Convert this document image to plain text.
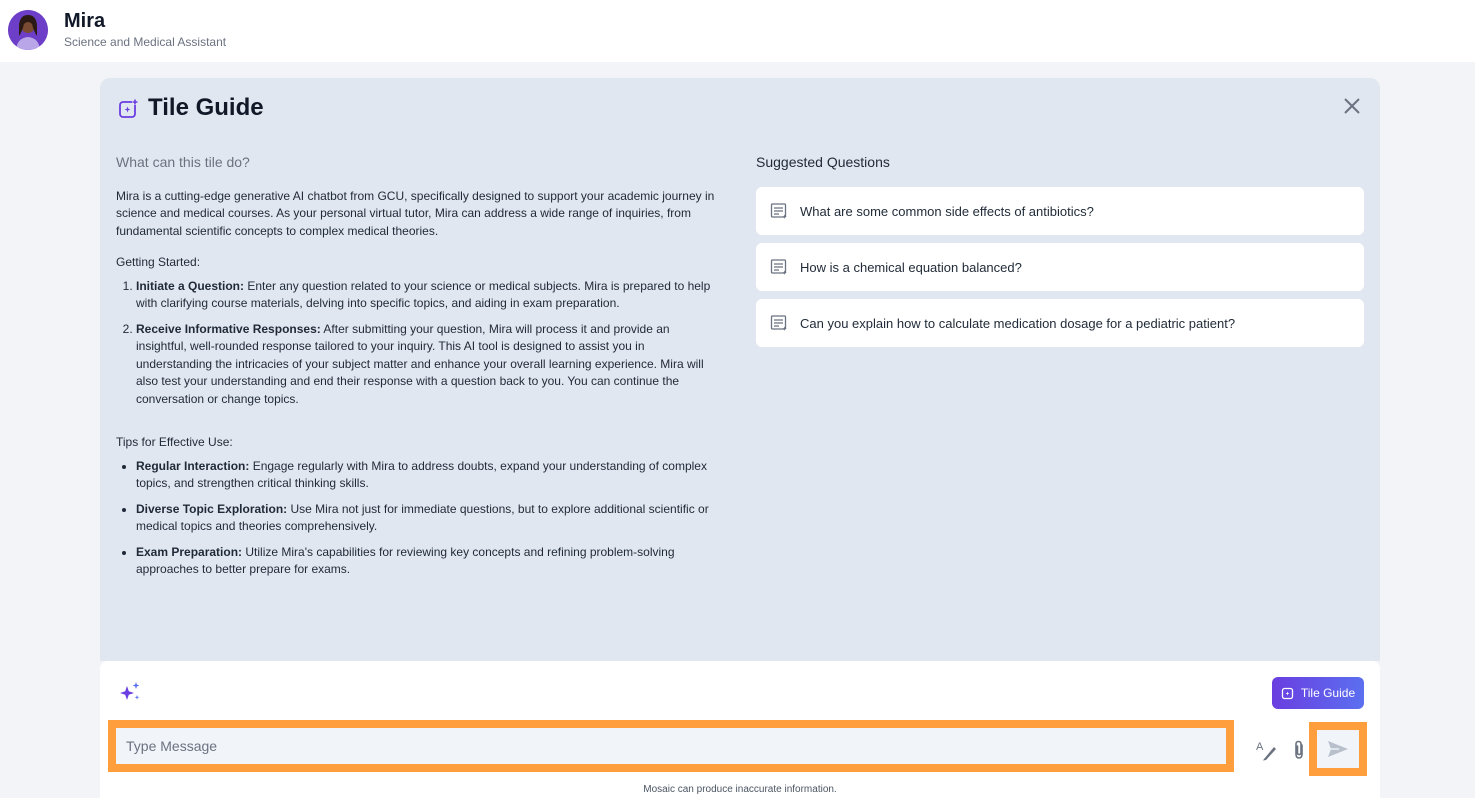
Mira
Science and Medical Assistant
Tile Guide
What can this tile do?
Mira is a cutting-edge generative AI chatbot from GCU, specifically designed to support your academic journey in science and medical courses. As your personal virtual tutor, Mira can address a wide range of inquiries, from fundamental scientific concepts to complex medical theories.
Getting Started:
1. Initiate a Question: Enter any question related to your science or medical subjects. Mira is prepared to help with clarifying course materials, delving into specific topics, and aiding in exam preparation.
2. Receive Informative Responses: After submitting your question, Mira will process it and provide an insightful, well-rounded response tailored to your inquiry. This AI tool is designed to assist you in understanding the intricacies of your subject matter and enhance your overall learning experience. Mira will also test your understanding and end their response with a question back to you. You can continue the conversation or change topics.
Tips for Effective Use:
• Regular Interaction: Engage regularly with Mira to address doubts, expand your understanding of complex topics, and strengthen critical thinking skills.
• Diverse Topic Exploration: Use Mira not just for immediate questions, but to explore additional scientific or medical topics and theories comprehensively.
• Exam Preparation: Utilize Mira's capabilities for reviewing key concepts and refining problem-solving approaches to better prepare for exams.
Suggested Questions
What are some common side effects of antibiotics?
How is a chemical equation balanced?
Can you explain how to calculate medication dosage for a pediatric patient?
Tile Guide
Type Message
A
Mosaic can produce inaccurate information.
